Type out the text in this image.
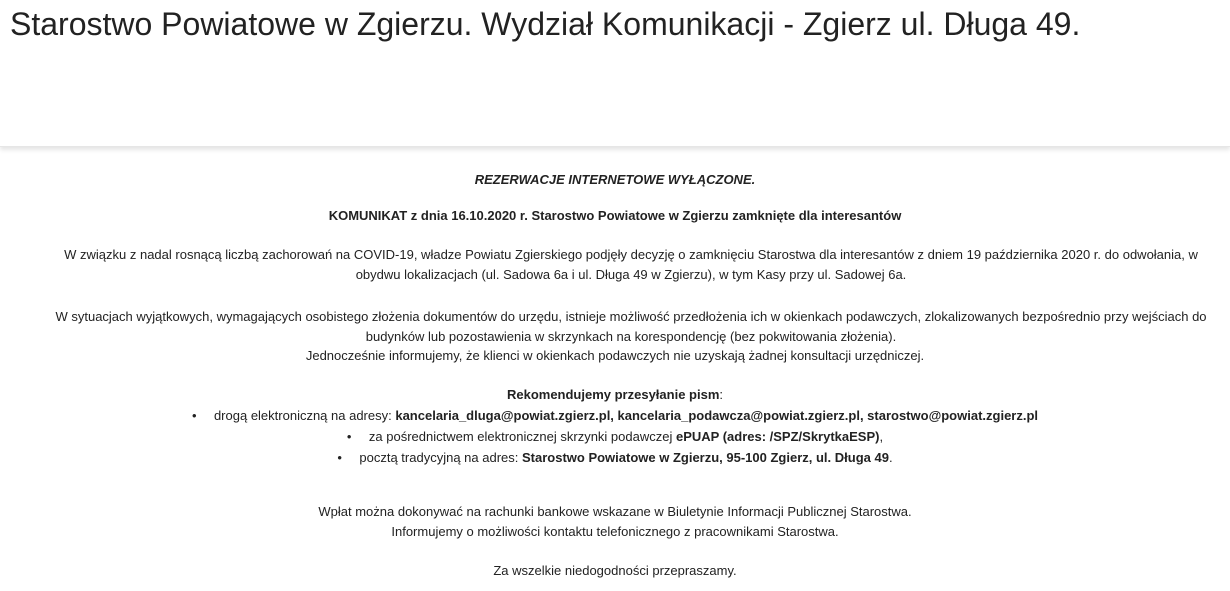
Starostwo Powiatowe w Zgierzu. Wydział Komunikacji - Zgierz ul. Długa 49.

REZERWACJE INTERNETOWE WYŁĄCZONE.

KOMUNIKAT z dnia 16.10.2020 r. Starostwo Powiatowe w Zgierzu zamknięte dla interesantów

W związku z nadal rosnącą liczbą zachorowań na COVID-19, władze Powiatu Zgierskiego podjęły decyzję o zamknięciu Starostwa dla interesantów z dniem 19 października 2020 r. do odwołania, w obydwu lokalizacjach (ul. Sadowa 6a i ul. Długa 49 w Zgierzu), w tym Kasy przy ul. Sadowej 6a.

W sytuacjach wyjątkowych, wymagających osobistego złożenia dokumentów do urzędu, istnieje możliwość przedłożenia ich w okienkach podawczych, zlokalizowanych bezpośrednio przy wejściach do budynków lub pozostawienia w skrzynkach na korespondencję (bez pokwitowania złożenia).

Jednocześnie informujemy, że klienci w okienkach podawczych nie uzyskają żadnej konsultacji urzędniczej.

Rekomendujemy przesyłanie pism:

• drogą elektroniczną na adresy: kancelaria_dluga@powiat.zgierz.pl, kancelaria_podawcza@powiat.zgierz.pl, starostwo@powiat.zgierz.pl
• za pośrednictwem elektronicznej skrzynki podawczej ePUAP (adres: /SPZ/SkrytkaESP),
• pocztą tradycyjną na adres: Starostwo Powiatowe w Zgierzu, 95-100 Zgierz, ul. Długa 49.

Wpłat można dokonywać na rachunki bankowe wskazane w Biuletynie Informacji Publicznej Starostwa.

Informujemy o możliwości kontaktu telefonicznego z pracownikami Starostwa.

Za wszelkie niedogodności przepraszamy.
